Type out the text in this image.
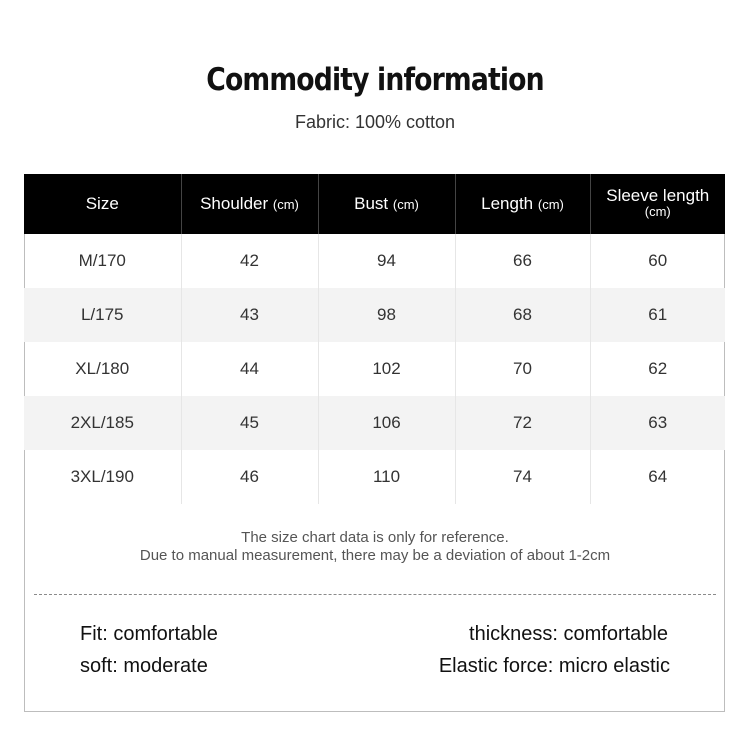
Commodity information
Fabric: 100% cotton
Size	Shoulder (cm)	Bust (cm)	Length (cm)	Sleeve length
(cm)
M/170	42	94	66	60
L/175	43	98	68	61
XL/180	44	102	70	62
2XL/185	45	106	72	63
3XL/190	46	110	74	64
The size chart data is only for reference.
Due to manual measurement, there may be a deviation of about 1-2cm
Fit: comfortable	thickness: comfortable
soft: moderate	Elastic force: micro elastic
